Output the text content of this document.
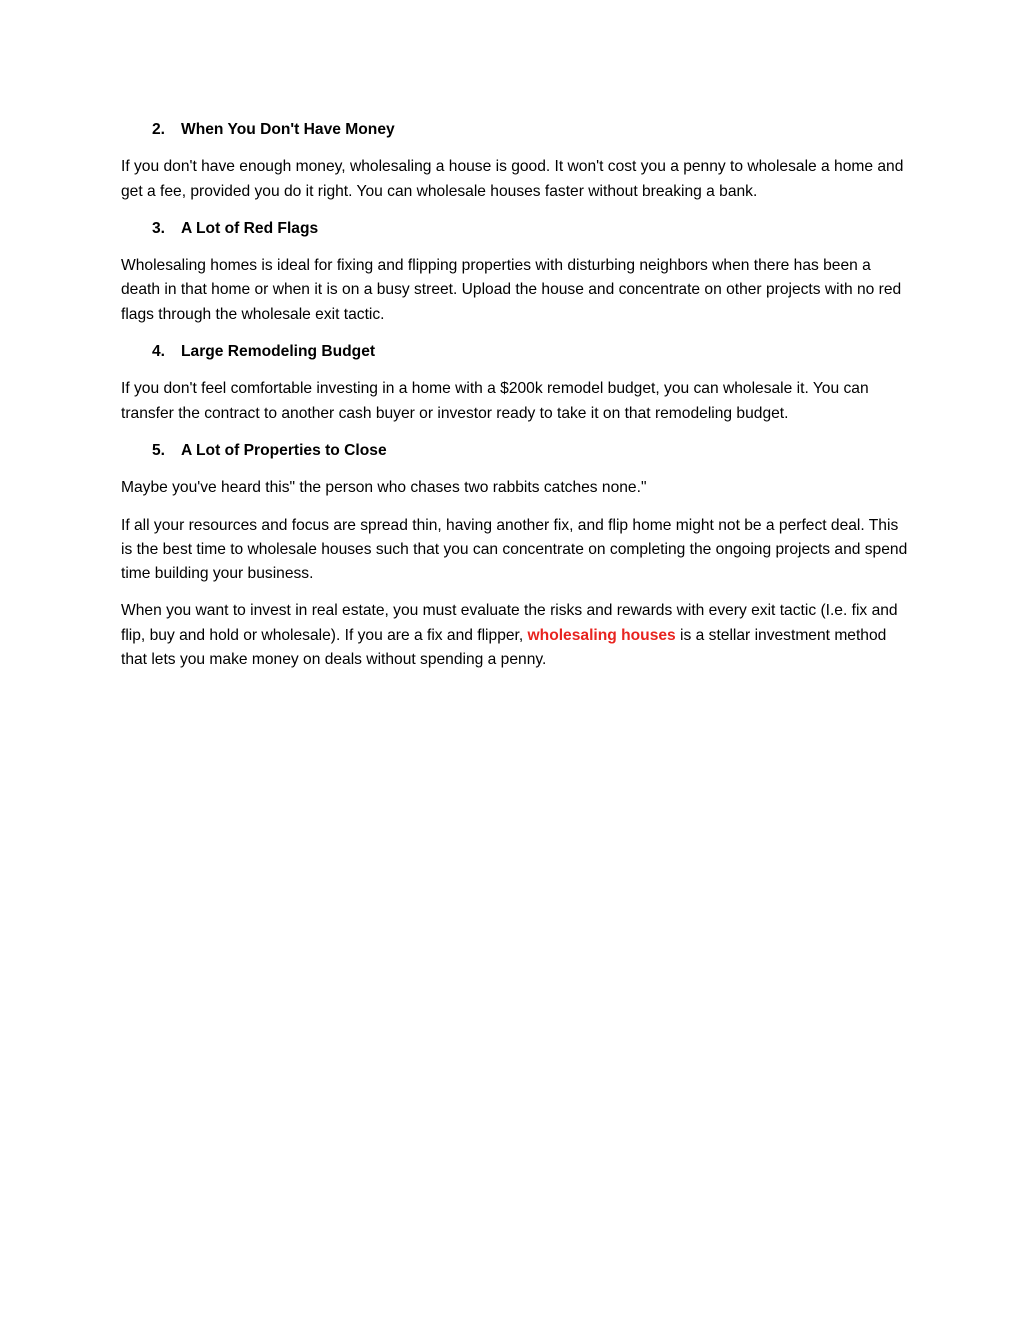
2.	When You Don't Have Money

If you don't have enough money, wholesaling a house is good. It won't cost you a penny to wholesale a home and get a fee, provided you do it right. You can wholesale houses faster without breaking a bank.

3.	A Lot of Red Flags

Wholesaling homes is ideal for fixing and flipping properties with disturbing neighbors when there has been a death in that home or when it is on a busy street. Upload the house and concentrate on other projects with no red flags through the wholesale exit tactic.

4.	Large Remodeling Budget

If you don't feel comfortable investing in a home with a $200k remodel budget, you can wholesale it. You can transfer the contract to another cash buyer or investor ready to take it on that remodeling budget.

5.	A Lot of Properties to Close

Maybe you've heard this" the person who chases two rabbits catches none."

If all your resources and focus are spread thin, having another fix, and flip home might not be a perfect deal. This is the best time to wholesale houses such that you can concentrate on completing the ongoing projects and spend time building your business.

When you want to invest in real estate, you must evaluate the risks and rewards with every exit tactic (I.e. fix and flip, buy and hold or wholesale). If you are a fix and flipper, wholesaling houses is a stellar investment method that lets you make money on deals without spending a penny.
